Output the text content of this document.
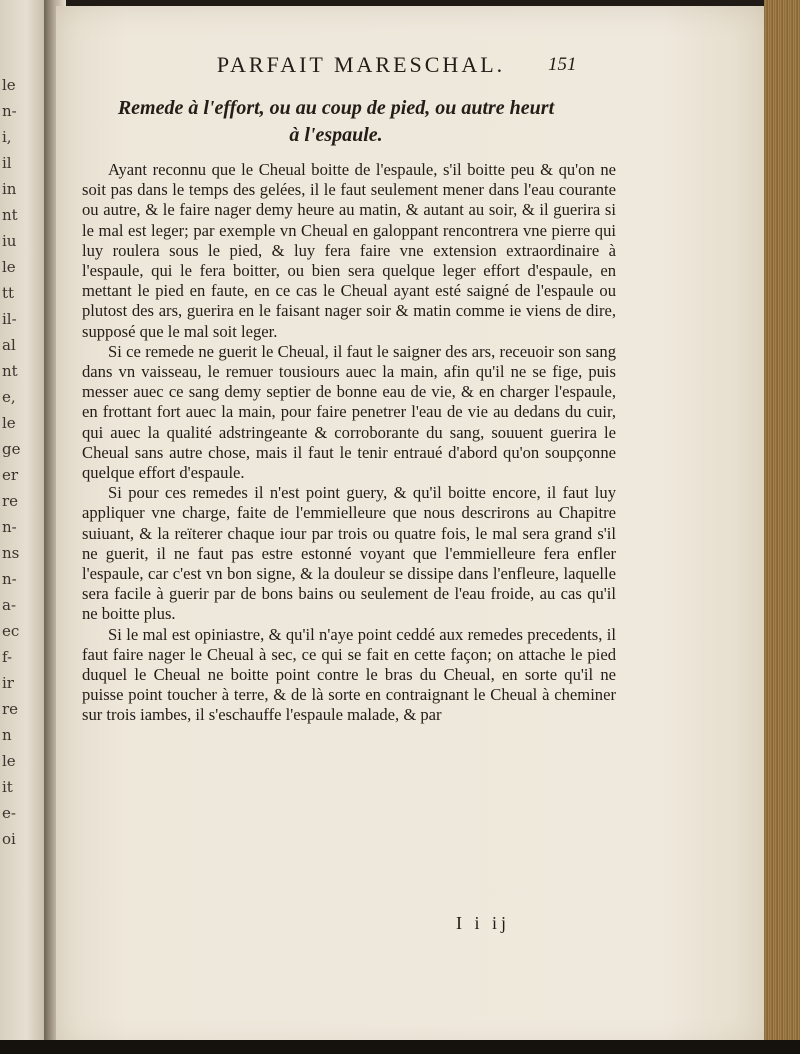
le
n-
i,
il
in
nt
iu
le
tt
il-
al
nt
e,
le
ge
er
re
n-
ns
n-
a-
ec
f-
ir
re
n
le
it
e-
oi
PARFAIT MARESCHAL.	151
Remede à l'effort, ou au coup de pied, ou autre heurt à l'espaule.

Ayant reconnu que le Cheual boitte de l'espaule, s'il boitte peu & qu'on ne soit pas dans le temps des gelées, il le faut seulement mener dans l'eau courante ou autre, & le faire nager demy heure au matin, & autant au soir, & il guerira si le mal est leger; par exemple vn Cheual en galoppant rencontrera vne pierre qui luy roulera sous le pied, & luy fera faire vne extension extraordinaire à l'espaule, qui le fera boitter, ou bien sera quelque leger effort d'espaule, en mettant le pied en faute, en ce cas le Cheual ayant esté saigné de l'espaule ou plutost des ars, guerira en le faisant nager soir & matin comme ie viens de dire, supposé que le mal soit leger.

Si ce remede ne guerit le Cheual, il faut le saigner des ars, receuoir son sang dans vn vaisseau, le remuer tousiours auec la main, afin qu'il ne se fige, puis messer auec ce sang demy septier de bonne eau de vie, & en charger l'espaule, en frottant fort auec la main, pour faire penetrer l'eau de vie au dedans du cuir, qui auec la qualité adstringeante & corroborante du sang, souuent guerira le Cheual sans autre chose, mais il faut le tenir entraué d'abord qu'on soupçonne quelque effort d'espaule.

Si pour ces remedes il n'est point guery, & qu'il boitte encore, il faut luy appliquer vne charge, faite de l'emmielleure que nous descrirons au Chapitre suiuant, & la reïterer chaque iour par trois ou quatre fois, le mal sera grand s'il ne guerit, il ne faut pas estre estonné voyant que l'emmielleure fera enfler l'espaule, car c'est vn bon signe, & la douleur se dissipe dans l'enfleure, laquelle sera facile à guerir par de bons bains ou seulement de l'eau froide, au cas qu'il ne boitte plus.

Si le mal est opiniastre, & qu'il n'aye point ceddé aux remedes precedents, il faut faire nager le Cheual à sec, ce qui se fait en cette façon; on attache le pied duquel le Cheual ne boitte point contre le bras du Cheual, en sorte qu'il ne puisse point toucher à terre, & de là sorte en contraignant le Cheual à cheminer sur trois iambes, il s'eschauffe l'espaule malade, & par

I i ij
